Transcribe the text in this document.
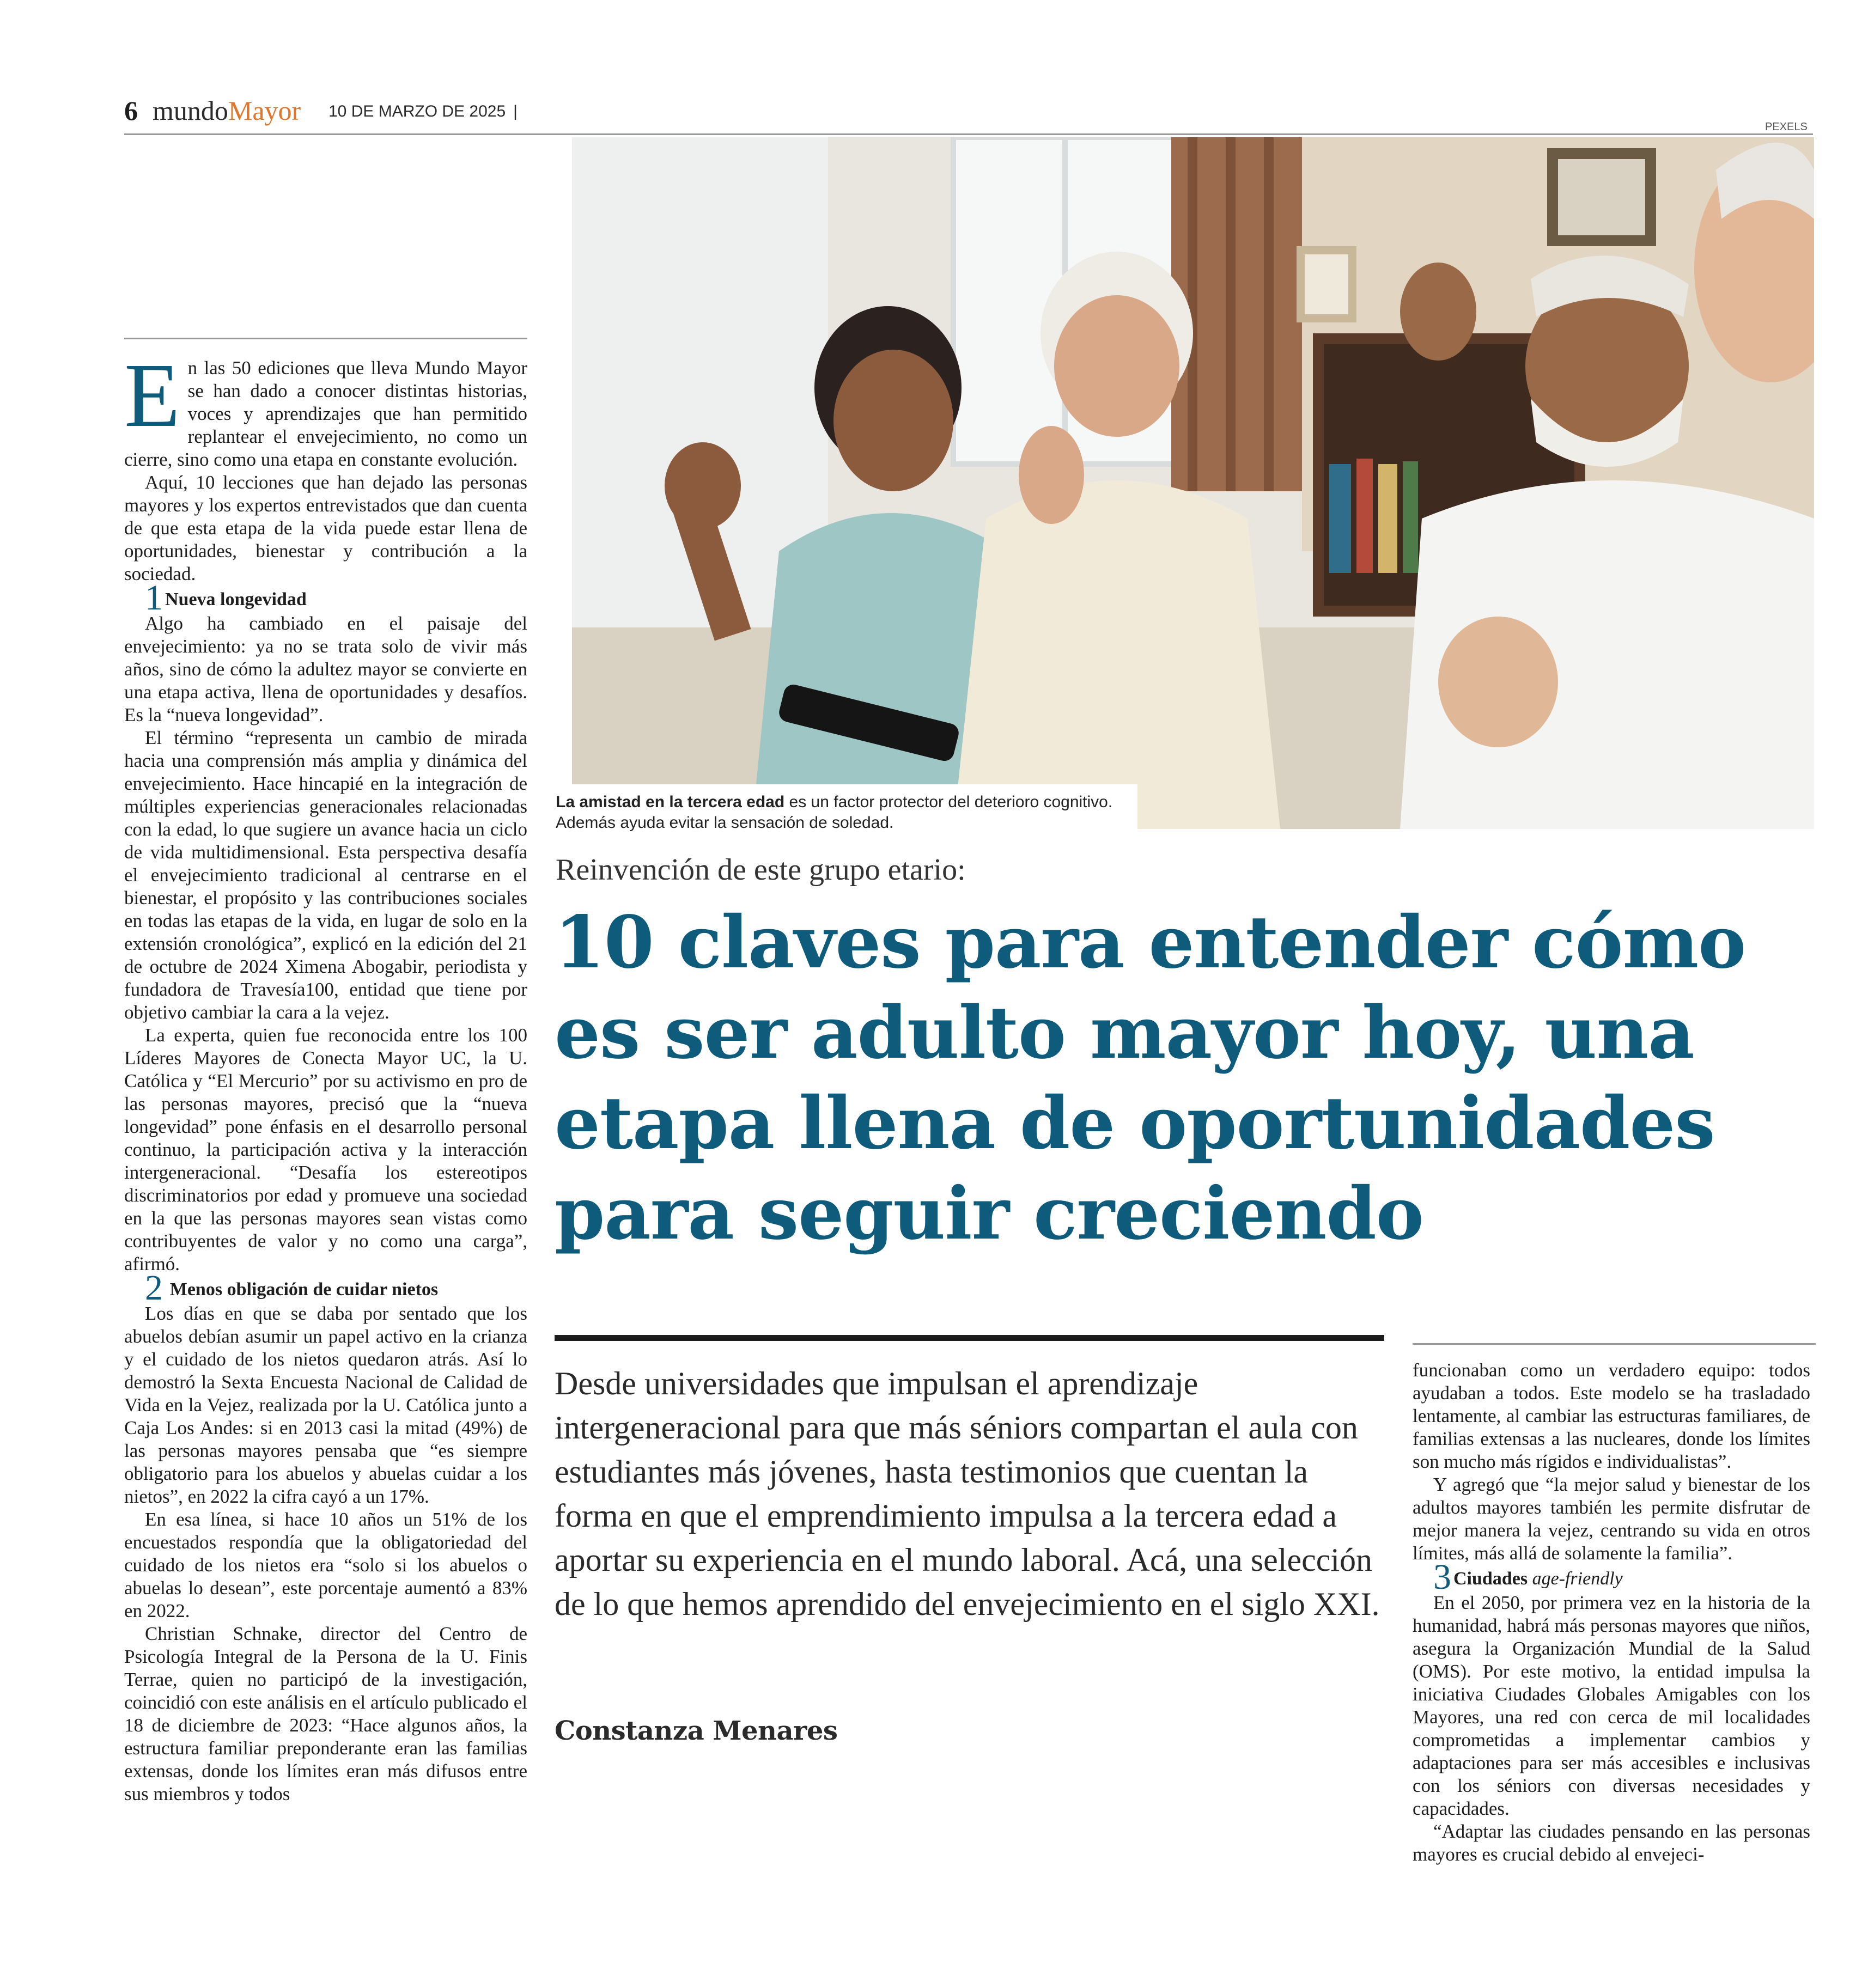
6 mundoMayor 10 DE MARZO DE 2025 |
PEXELS
La amistad en la tercera edad es un factor protector del deterioro cognitivo. Además ayuda evitar la sensación de soledad.
Reinvención de este grupo etario:
10 claves para entender cómo es ser adulto mayor hoy, una etapa llena de oportunidades para seguir creciendo

Desde universidades que impulsan el aprendizaje intergeneracional para que más séniors compartan el aula con estudiantes más jóvenes, hasta testimonios que cuentan la forma en que el emprendimiento impulsa a la tercera edad a aportar su experiencia en el mundo laboral. Acá, una selección de lo que hemos aprendido del envejecimiento en el siglo XXI.

Constanza Menares

En las 50 ediciones que lleva Mundo Mayor se han dado a conocer distintas historias, voces y aprendizajes que han permitido replantear el envejecimiento, no como un cierre, sino como una etapa en constante evolución.

Aquí, 10 lecciones que han dejado las personas mayores y los expertos entrevistados que dan cuenta de que esta etapa de la vida puede estar llena de oportunidades, bienestar y contribución a la sociedad.

1 Nueva longevidad

Algo ha cambiado en el paisaje del envejecimiento: ya no se trata solo de vivir más años, sino de cómo la adultez mayor se convierte en una etapa activa, llena de oportunidades y desafíos. Es la “nueva longevidad”.

El término “representa un cambio de mirada hacia una comprensión más amplia y dinámica del envejecimiento. Hace hincapié en la integración de múltiples experiencias generacionales relacionadas con la edad, lo que sugiere un avance hacia un ciclo de vida multidimensional. Esta perspectiva desafía el envejecimiento tradicional al centrarse en el bienestar, el propósito y las contribuciones sociales en todas las etapas de la vida, en lugar de solo en la extensión cronológica”, explicó en la edición del 21 de octubre de 2024 Ximena Abogabir, periodista y fundadora de Travesía100, entidad que tiene por objetivo cambiar la cara a la vejez.

La experta, quien fue reconocida entre los 100 Líderes Mayores de Conecta Mayor UC, la U. Católica y “El Mercurio” por su activismo en pro de las personas mayores, precisó que la “nueva longevidad” pone énfasis en el desarrollo personal continuo, la participación activa y la interacción intergeneracional. “Desafía los estereotipos discriminatorios por edad y promueve una sociedad en la que las personas mayores sean vistas como contribuyentes de valor y no como una carga”, afirmó.

2 Menos obligación de cuidar nietos

Los días en que se daba por sentado que los abuelos debían asumir un papel activo en la crianza y el cuidado de los nietos quedaron atrás. Así lo demostró la Sexta Encuesta Nacional de Calidad de Vida en la Vejez, realizada por la U. Católica junto a Caja Los Andes: si en 2013 casi la mitad (49%) de las personas mayores pensaba que “es siempre obligatorio para los abuelos y abuelas cuidar a los nietos”, en 2022 la cifra cayó a un 17%.

En esa línea, si hace 10 años un 51% de los encuestados respondía que la obligatoriedad del cuidado de los nietos era “solo si los abuelos o abuelas lo desean”, este porcentaje aumentó a 83% en 2022.

Christian Schnake, director del Centro de Psicología Integral de la Persona de la U. Finis Terrae, quien no participó de la investigación, coincidió con este análisis en el artículo publicado el 18 de diciembre de 2023: “Hace algunos años, la estructura familiar preponderante eran las familias extensas, donde los límites eran más difusos entre sus miembros y todos

funcionaban como un verdadero equipo: todos ayudaban a todos. Este modelo se ha trasladado lentamente, al cambiar las estructuras familiares, de familias extensas a las nucleares, donde los límites son mucho más rígidos e individualistas”.

Y agregó que “la mejor salud y bienestar de los adultos mayores también les permite disfrutar de mejor manera la vejez, centrando su vida en otros límites, más allá de solamente la familia”.

3 Ciudades age-friendly

En el 2050, por primera vez en la historia de la humanidad, habrá más personas mayores que niños, asegura la Organización Mundial de la Salud (OMS). Por este motivo, la entidad impulsa la iniciativa Ciudades Globales Amigables con los Mayores, una red con cerca de mil localidades comprometidas a implementar cambios y adaptaciones para ser más accesibles e inclusivas con los séniors con diversas necesidades y capacidades.

“Adaptar las ciudades pensando en las personas mayores es crucial debido al envejeci-
